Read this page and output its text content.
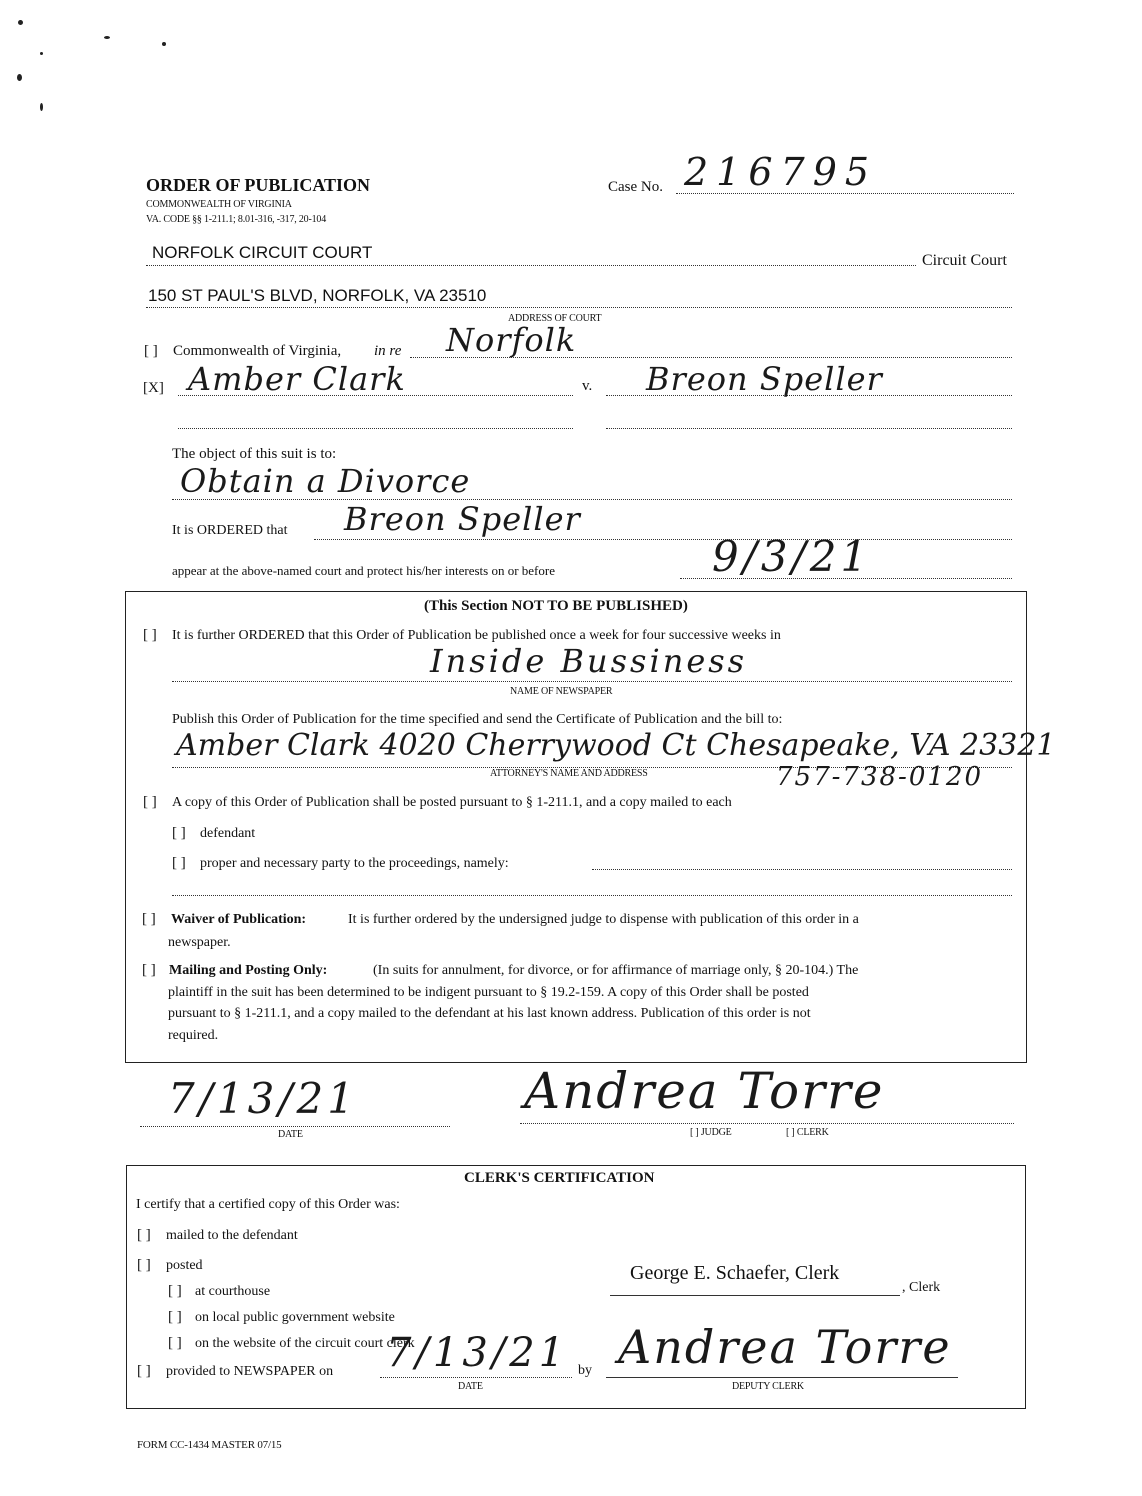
ORDER OF PUBLICATION
COMMONWEALTH OF VIRGINIA
VA. CODE §§ 1-211.1; 8.01-316, -317, 20-104
Case No. 216795
NORFOLK CIRCUIT COURT	Circuit Court
150 ST PAUL'S BLVD, NORFOLK, VA 23510
ADDRESS OF COURT
[ ] Commonwealth of Virginia, in re Norfolk
[X] Amber Clark	v. Breon Speller
The object of this suit is to:
Obtain a Divorce
It is ORDERED that Breon Speller
appear at the above-named court and protect his/her interests on or before	9/3/21
(This Section NOT TO BE PUBLISHED)
[ ] It is further ORDERED that this Order of Publication be published once a week for four successive weeks in
Inside Bussiness
NAME OF NEWSPAPER
Publish this Order of Publication for the time specified and send the Certificate of Publication and the bill to:
Amber Clark 4020 Cherrywood Ct Chesapeake, VA 23321
ATTORNEY'S NAME AND ADDRESS	757-738-0120
[ ] A copy of this Order of Publication shall be posted pursuant to § 1-211.1, and a copy mailed to each
[ ] defendant
[ ] proper and necessary party to the proceedings, namely:
[ ] Waiver of Publication:	It is further ordered by the undersigned judge to dispense with publication of this order in a
newspaper.
[ ] Mailing and Posting Only:	(In suits for annulment, for divorce, or for affirmance of marriage only, § 20-104.) The
plaintiff in the suit has been determined to be indigent pursuant to § 19.2-159. A copy of this Order shall be posted
pursuant to § 1-211.1, and a copy mailed to the defendant at his last known address. Publication of this order is not
required.
7/13/21
DATE
Andrea Torre
[ ] JUDGE	[ ] CLERK
CLERK'S CERTIFICATION
I certify that a certified copy of this Order was:
[ ] mailed to the defendant
[ ] posted
[ ] at courthouse
[ ] on local public government website
[ ] on the website of the circuit court clerk
[ ] provided to NEWSPAPER on 7/13/21
DATE
by
George E. Schaefer, Clerk
, Clerk
Andrea Torre
DEPUTY CLERK
FORM CC-1434 MASTER 07/15
